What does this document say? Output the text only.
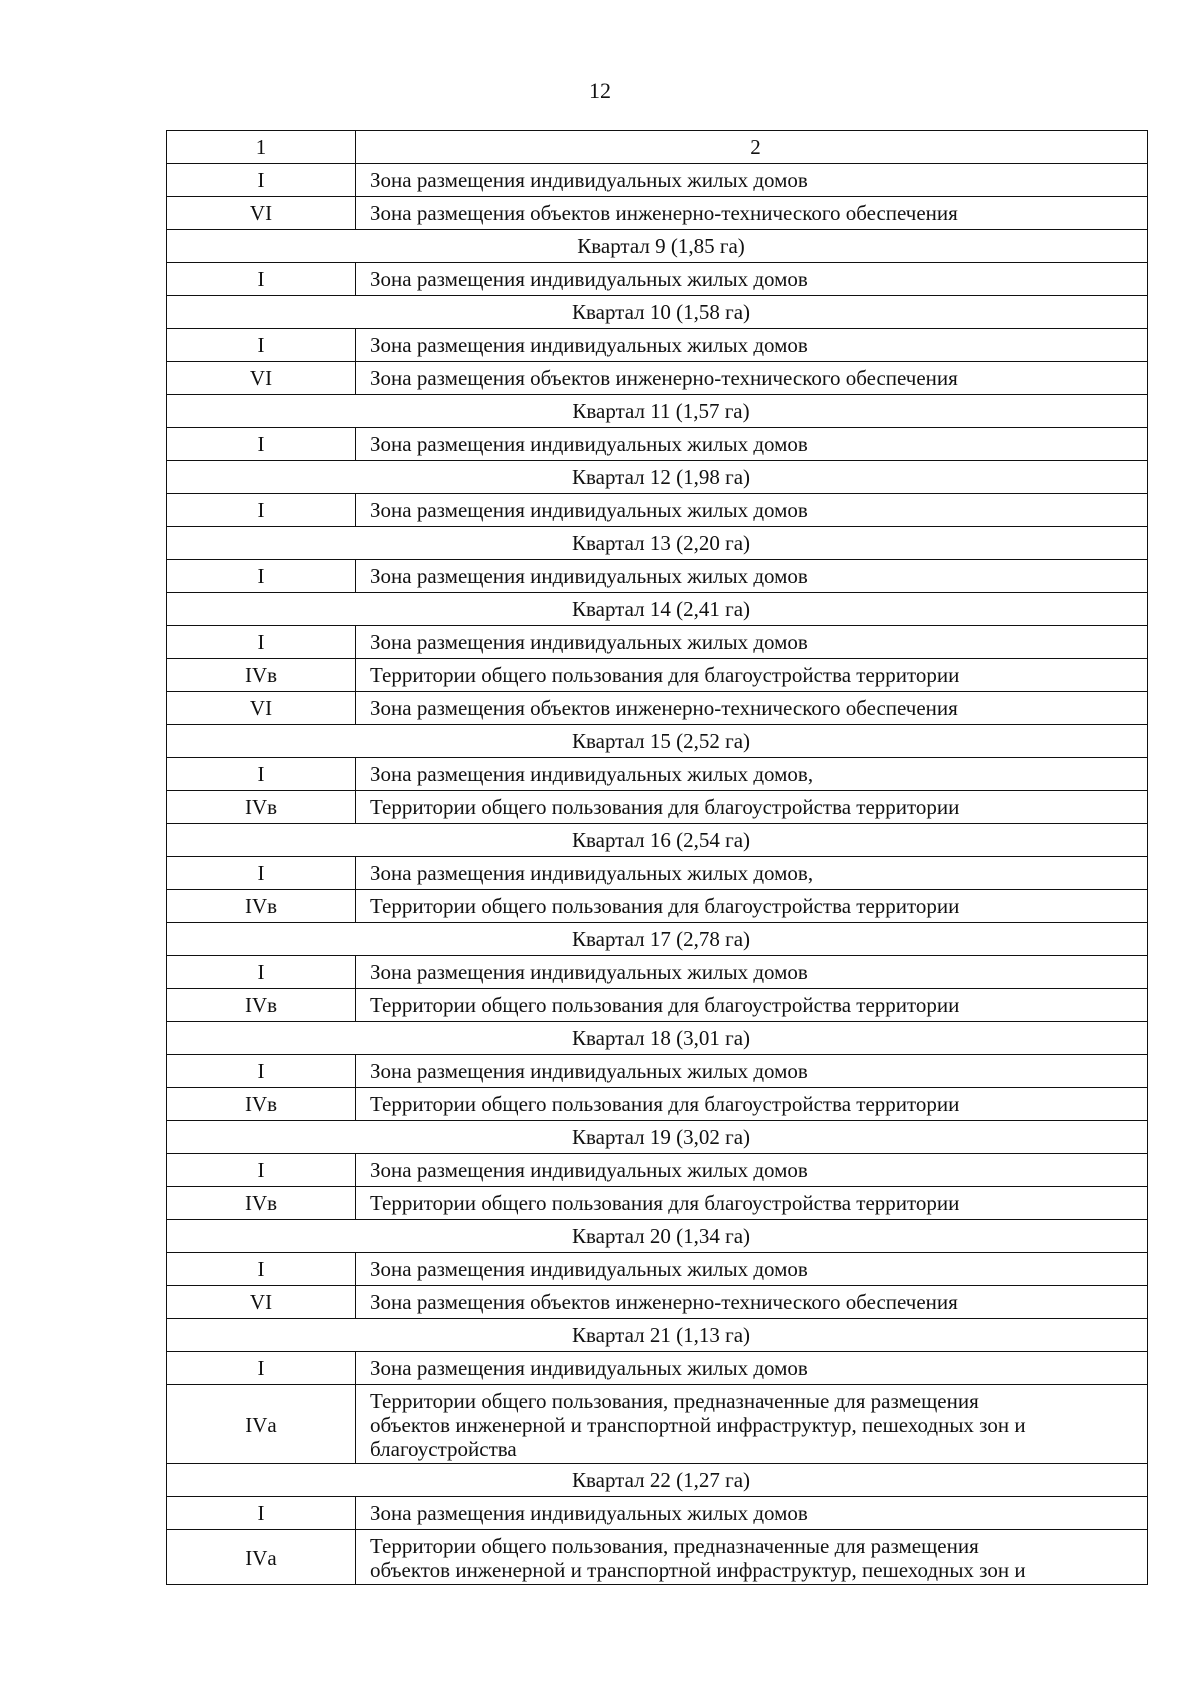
12
1	2
I	Зона размещения индивидуальных жилых домов

VI	Зона размещения объектов инженерно-технического обеспечения

Квартал 9 (1,85 га)	
I	Зона размещения индивидуальных жилых домов

Квартал 10 (1,58 га)	
I	Зона размещения индивидуальных жилых домов

VI	Зона размещения объектов инженерно-технического обеспечения

Квартал 11 (1,57 га)	
I	Зона размещения индивидуальных жилых домов

Квартал 12 (1,98 га)	
I	Зона размещения индивидуальных жилых домов

Квартал 13 (2,20 га)	
I	Зона размещения индивидуальных жилых домов

Квартал 14 (2,41 га)	
I	Зона размещения индивидуальных жилых домов

IVв	Территории общего пользования для благоустройства территории

VI	Зона размещения объектов инженерно-технического обеспечения

Квартал 15 (2,52 га)	
I	Зона размещения индивидуальных жилых домов,

IVв	Территории общего пользования для благоустройства территории

Квартал 16 (2,54 га)	
I	Зона размещения индивидуальных жилых домов,

IVв	Территории общего пользования для благоустройства территории

Квартал 17 (2,78 га)	
I	Зона размещения индивидуальных жилых домов

IVв	Территории общего пользования для благоустройства территории

Квартал 18 (3,01 га)	
I	Зона размещения индивидуальных жилых домов

IVв	Территории общего пользования для благоустройства территории

Квартал 19 (3,02 га)	
I	Зона размещения индивидуальных жилых домов

IVв	Территории общего пользования для благоустройства территории

Квартал 20 (1,34 га)	
I	Зона размещения индивидуальных жилых домов

VI	Зона размещения объектов инженерно-технического обеспечения

Квартал 21 (1,13 га)	
I	Зона размещения индивидуальных жилых домов

IVа	Территории общего пользования, предназначенные для размещения
объектов инженерной и транспортной инфраструктур, пешеходных зон и
благоустройства

Квартал 22 (1,27 га)	
I	Зона размещения индивидуальных жилых домов

IVа	Территории общего пользования, предназначенные для размещения
объектов инженерной и транспортной инфраструктур, пешеходных зон и
